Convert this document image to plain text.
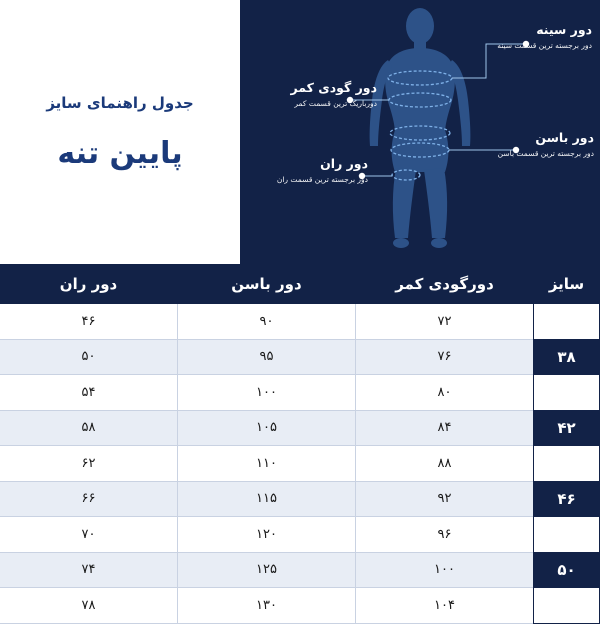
دور سینه
دور برجسته ترین قسمت سینه
دور گودی کمر
دورباریک ترین قسمت کمر
دور باسن
دور برجسته ترین قسمت باسن
دور ران
دور برجسته ترین قسمت ران
جدول راهنمای سایز
پایین تنه
سایز	دورگودی کمر	دور باسن	دور ران
۳۶	۷۲	۹۰	۴۶
۳۸	۷۶	۹۵	۵۰
۴۰	۸۰	۱۰۰	۵۴
۴۲	۸۴	۱۰۵	۵۸
۴۴	۸۸	۱۱۰	۶۲
۴۶	۹۲	۱۱۵	۶۶
۴۸	۹۶	۱۲۰	۷۰
۵۰	۱۰۰	۱۲۵	۷۴
۵۲	۱۰۴	۱۳۰	۷۸
